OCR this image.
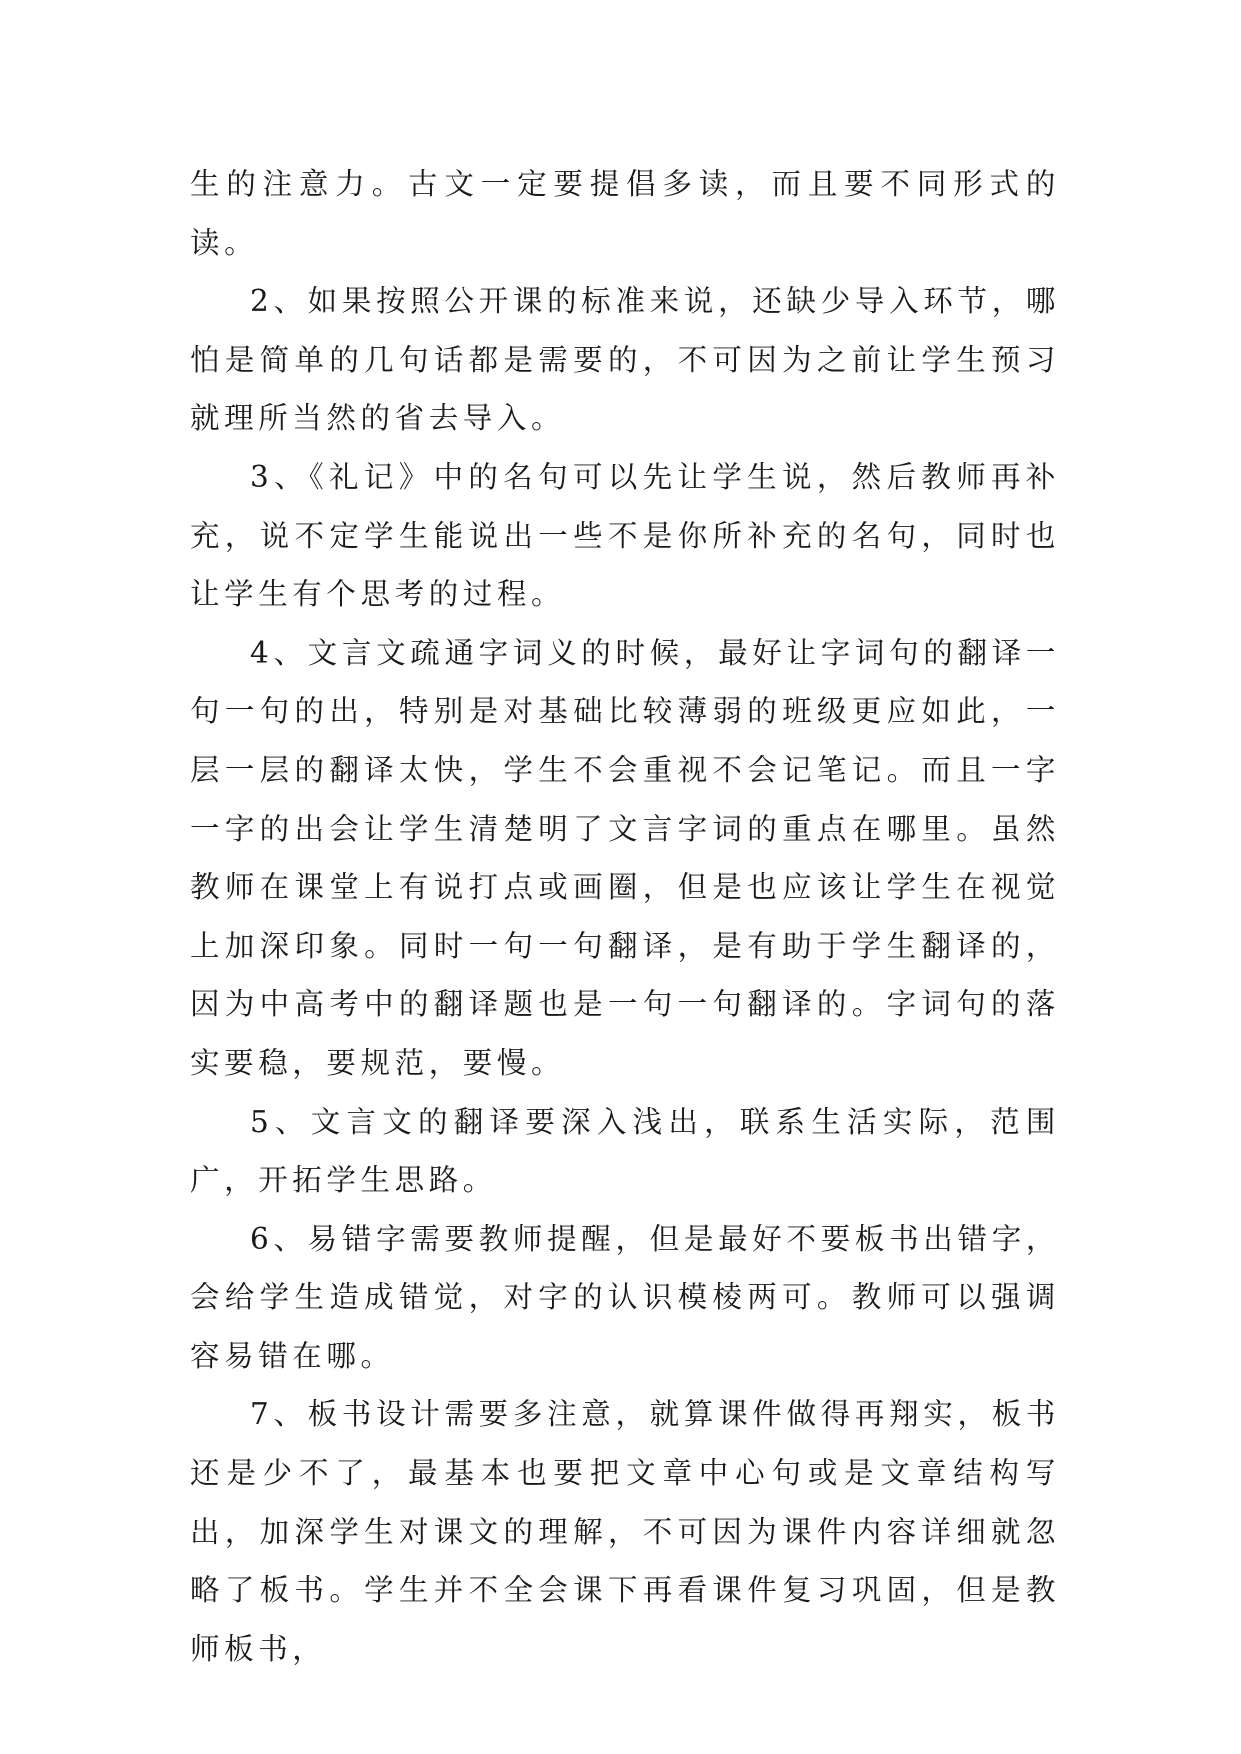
生的注意力。古文一定要提倡多读，而且要不同形式的读。

2、如果按照公开课的标准来说，还缺少导入环节，哪怕是简单的几句话都是需要的，不可因为之前让学生预习就理所当然的省去导入。

3、《礼记》中的名句可以先让学生说，然后教师再补充，说不定学生能说出一些不是你所补充的名句，同时也让学生有个思考的过程。

4、文言文疏通字词义的时候，最好让字词句的翻译一句一句的出，特别是对基础比较薄弱的班级更应如此，一层一层的翻译太快，学生不会重视不会记笔记。而且一字一字的出会让学生清楚明了文言字词的重点在哪里。虽然教师在课堂上有说打点或画圈，但是也应该让学生在视觉上加深印象。同时一句一句翻译，是有助于学生翻译的，因为中高考中的翻译题也是一句一句翻译的。字词句的落实要稳，要规范，要慢。

5、文言文的翻译要深入浅出，联系生活实际，范围广，开拓学生思路。

6、易错字需要教师提醒，但是最好不要板书出错字，会给学生造成错觉，对字的认识模棱两可。教师可以强调容易错在哪。

7、板书设计需要多注意，就算课件做得再翔实，板书还是少不了，最基本也要把文章中心句或是文章结构写出，加深学生对课文的理解，不可因为课件内容详细就忽略了板书。学生并不全会课下再看课件复习巩固，但是教师板书，
